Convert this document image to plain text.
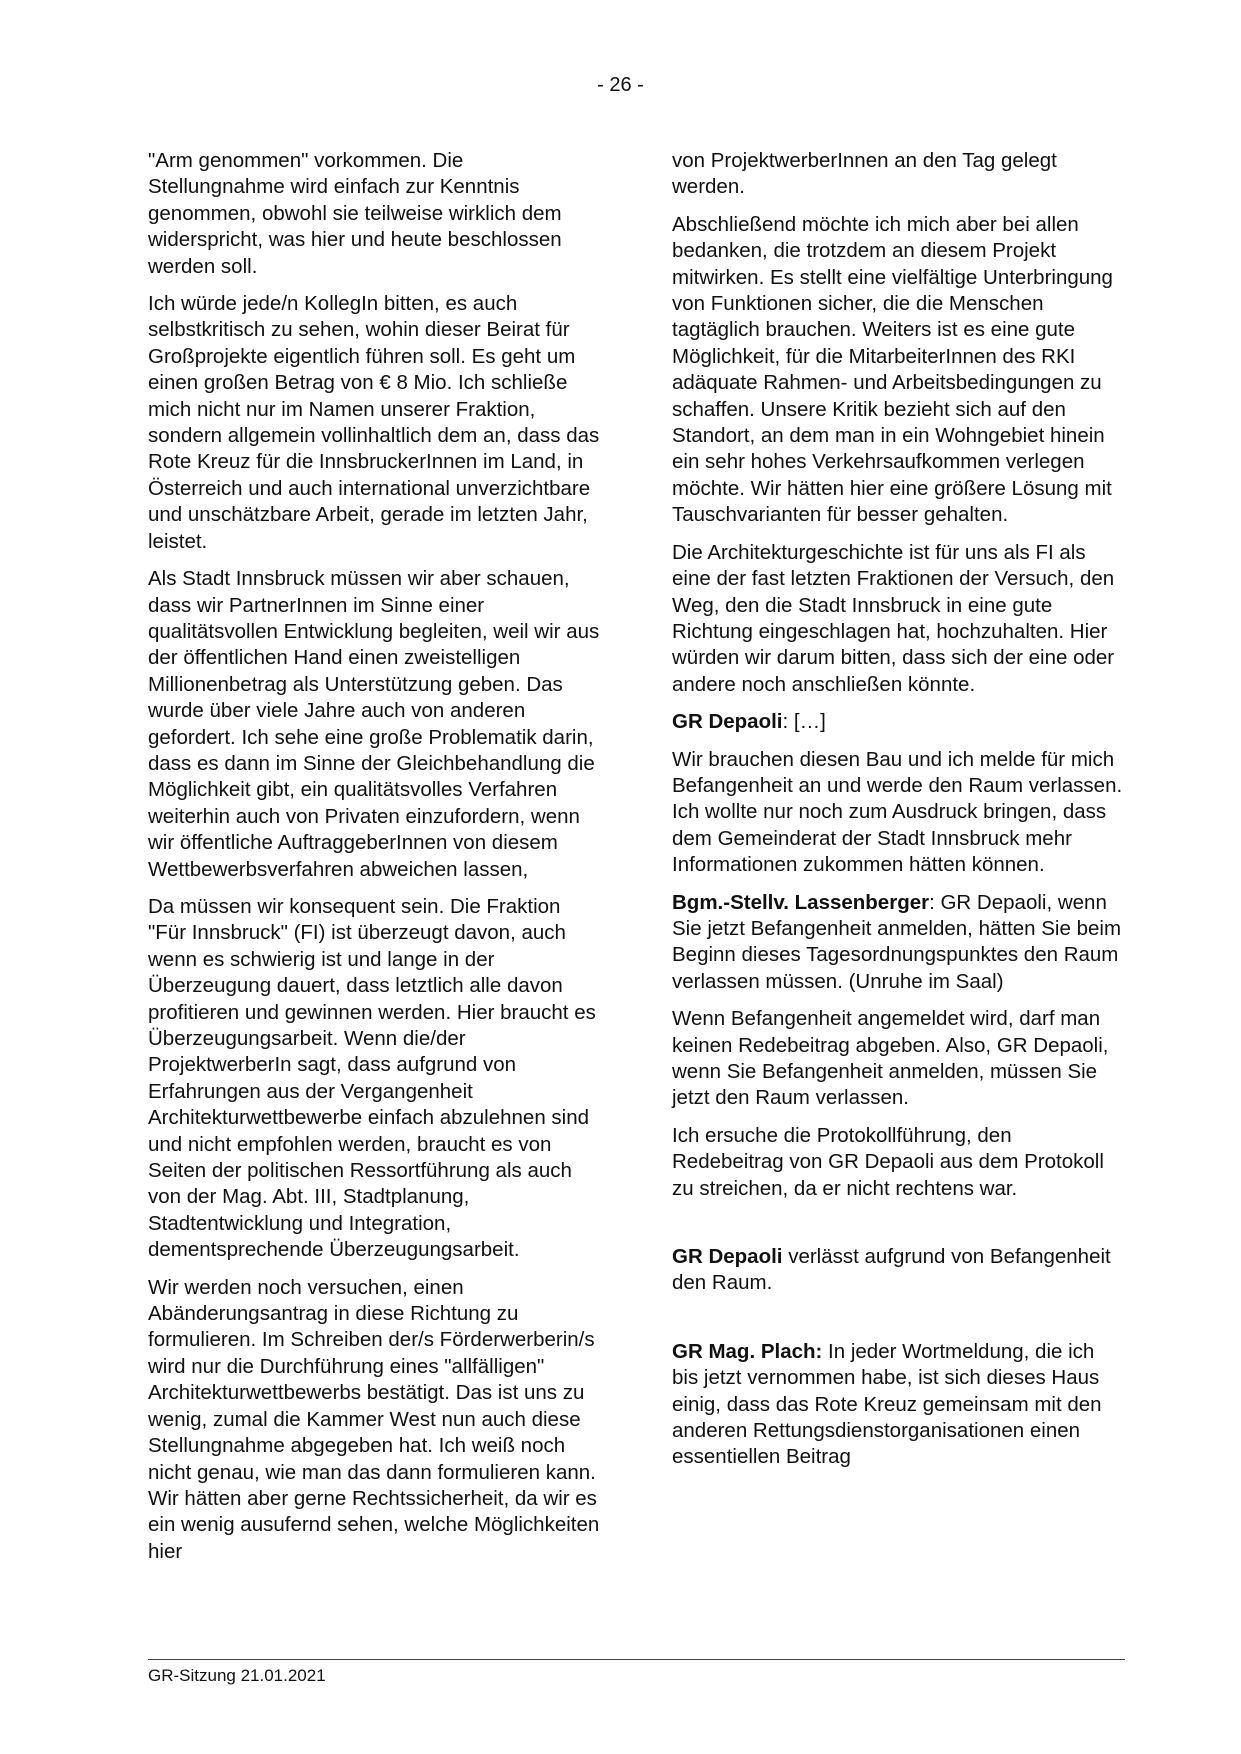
- 26 -

"Arm genommen" vorkommen. Die Stellungnahme wird einfach zur Kenntnis genommen, obwohl sie teilweise wirklich dem widerspricht, was hier und heute beschlossen werden soll.

Ich würde jede/n KollegIn bitten, es auch selbstkritisch zu sehen, wohin dieser Beirat für Großprojekte eigentlich führen soll. Es geht um einen großen Betrag von € 8 Mio. Ich schließe mich nicht nur im Namen unserer Fraktion, sondern allgemein vollinhaltlich dem an, dass das Rote Kreuz für die InnsbruckerInnen im Land, in Österreich und auch international unverzichtbare und unschätzbare Arbeit, gerade im letzten Jahr, leistet.

Als Stadt Innsbruck müssen wir aber schauen, dass wir PartnerInnen im Sinne einer qualitätsvollen Entwicklung begleiten, weil wir aus der öffentlichen Hand einen zweistelligen Millionenbetrag als Unterstützung geben. Das wurde über viele Jahre auch von anderen gefordert. Ich sehe eine große Problematik darin, dass es dann im Sinne der Gleichbehandlung die Möglichkeit gibt, ein qualitätsvolles Verfahren weiterhin auch von Privaten einzufordern, wenn wir öffentliche AuftraggeberInnen von diesem Wettbewerbsverfahren abweichen lassen,

Da müssen wir konsequent sein. Die Fraktion "Für Innsbruck" (FI) ist überzeugt davon, auch wenn es schwierig ist und lange in der Überzeugung dauert, dass letztlich alle davon profitieren und gewinnen werden. Hier braucht es Überzeugungsarbeit. Wenn die/der ProjektwerberIn sagt, dass aufgrund von Erfahrungen aus der Vergangenheit Architekturwettbewerbe einfach abzulehnen sind und nicht empfohlen werden, braucht es von Seiten der politischen Ressortführung als auch von der Mag. Abt. III, Stadtplanung, Stadtentwicklung und Integration, dementsprechende Überzeugungsarbeit.

Wir werden noch versuchen, einen Abänderungsantrag in diese Richtung zu formulieren. Im Schreiben der/s Förderwerberin/s wird nur die Durchführung eines "allfälligen" Architekturwettbewerbs bestätigt. Das ist uns zu wenig, zumal die Kammer West nun auch diese Stellungnahme abgegeben hat. Ich weiß noch nicht genau, wie man das dann formulieren kann. Wir hätten aber gerne Rechtssicherheit, da wir es ein wenig ausufernd sehen, welche Möglichkeiten hier

von ProjektwerberInnen an den Tag gelegt werden.

Abschließend möchte ich mich aber bei allen bedanken, die trotzdem an diesem Projekt mitwirken. Es stellt eine vielfältige Unterbringung von Funktionen sicher, die die Menschen tagtäglich brauchen. Weiters ist es eine gute Möglichkeit, für die MitarbeiterInnen des RKI adäquate Rahmen- und Arbeitsbedingungen zu schaffen. Unsere Kritik bezieht sich auf den Standort, an dem man in ein Wohngebiet hinein ein sehr hohes Verkehrsaufkommen verlegen möchte. Wir hätten hier eine größere Lösung mit Tauschvarianten für besser gehalten.

Die Architekturgeschichte ist für uns als FI als eine der fast letzten Fraktionen der Versuch, den Weg, den die Stadt Innsbruck in eine gute Richtung eingeschlagen hat, hochzuhalten. Hier würden wir darum bitten, dass sich der eine oder andere noch anschließen könnte.

GR Depaoli: […]

Wir brauchen diesen Bau und ich melde für mich Befangenheit an und werde den Raum verlassen. Ich wollte nur noch zum Ausdruck bringen, dass dem Gemeinderat der Stadt Innsbruck mehr Informationen zukommen hätten können.

Bgm.-Stellv. Lassenberger: GR Depaoli, wenn Sie jetzt Befangenheit anmelden, hätten Sie beim Beginn dieses Tagesordnungspunktes den Raum verlassen müssen. (Unruhe im Saal)

Wenn Befangenheit angemeldet wird, darf man keinen Redebeitrag abgeben. Also, GR Depaoli, wenn Sie Befangenheit anmelden, müssen Sie jetzt den Raum verlassen.

Ich ersuche die Protokollführung, den Redebeitrag von GR Depaoli aus dem Protokoll zu streichen, da er nicht rechtens war.

GR Depaoli verlässt aufgrund von Befangenheit den Raum.

GR Mag. Plach: In jeder Wortmeldung, die ich bis jetzt vernommen habe, ist sich dieses Haus einig, dass das Rote Kreuz gemeinsam mit den anderen Rettungsdienstorganisationen einen essentiellen Beitrag

GR-Sitzung 21.01.2021
